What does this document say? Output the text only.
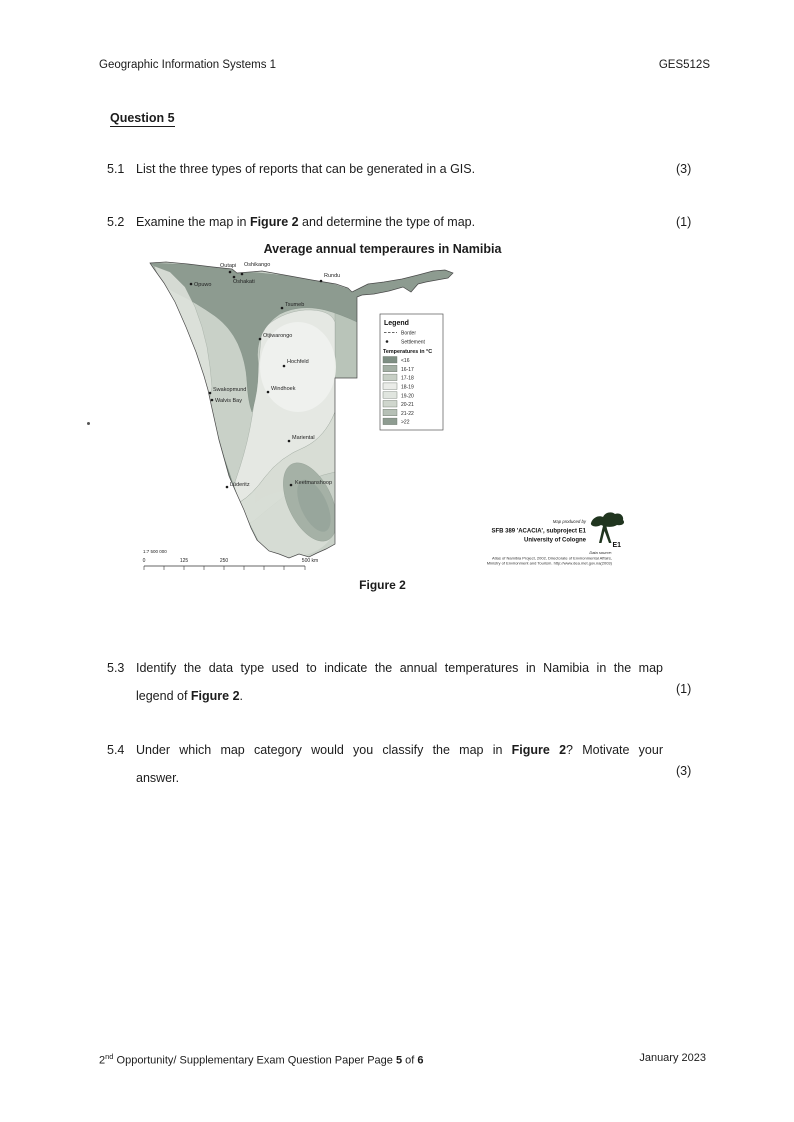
Geographic Information Systems 1	GES512S
Question 5
5.1 List the three types of reports that can be generated in a GIS.	(3)
5.2 Examine the map in Figure 2 and determine the type of map.	(1)
Average annual temperaures in Namibia
Outapi Oshikango
Oshakati
Opuwo
Rundu
Tsumeb
Otjiwarongo
Hochfeld
Swakopmund
Walvis Bay
Windhoek
Mariental
Lüderitz	Keetmanshoop
Legend
Border
Settlement
Temperatures in °C
<16
16-17
17-18
18-19
19-20
20-21
21-22
>22
1:7 500 000
0	125	250	500 km
Map produced by
SFB 389 'ACACIA', subproject E1
University of Cologne
E1
Data source:
Atlas of Namibia Project, 2002, Directorate of Environmental Affairs,
Ministry of Environment and Tourism. http://www.dea.met.gov.na(2003)
Figure 2
5.3 Identify the data type used to indicate the annual temperatures in Namibia in the map
legend of Figure 2.	(1)
5.4 Under which map category would you classify the map in Figure 2? Motivate your
answer.	(3)
2nd Opportunity/ Supplementary Exam Question Paper Page 5 of 6	January 2023
